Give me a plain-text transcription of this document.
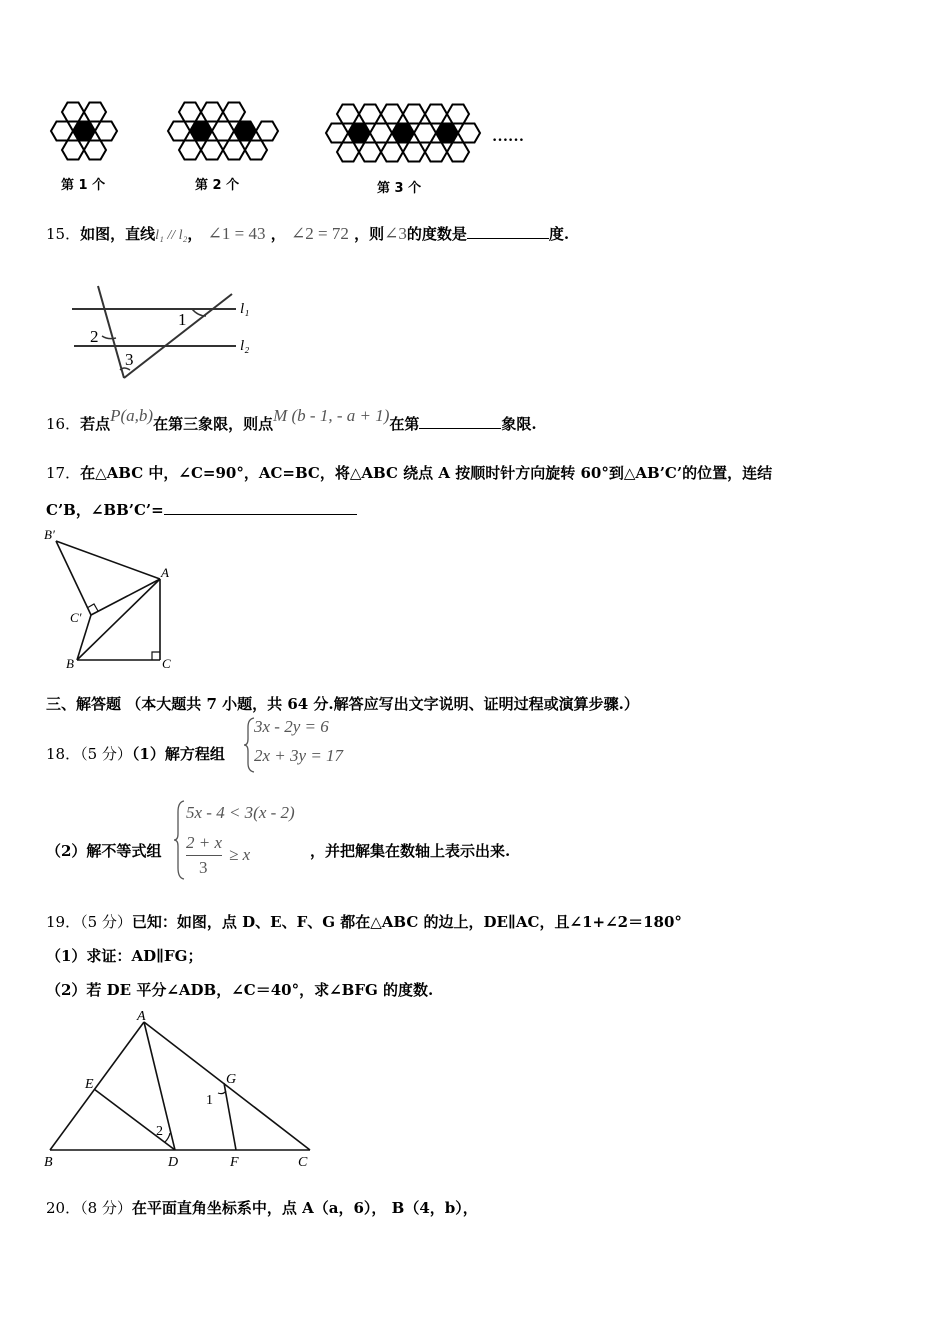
……
第 1 个	第 2 个	第 3 个
15．如图，直线l₁ // l₂， ∠1 = 43 ， ∠2 = 72 ，则∠3的度数是	度.
l₁
l₂
1
2
3
16．若点P(a,b)在第三象限，则点M (b - 1, - a + 1)在第	象限.
17．在△ABC 中，∠C=90°，AC=BC，将△ABC 绕点 A 按顺时针方向旋转 60°到△AB’C’的位置，连结
C’B，∠BB’C’=
B′
A
C′
B	C
三、解答题 （本大题共 7 小题，共 64 分.解答应写出文字说明、证明过程或演算步骤.）
18．（5 分）（1）解方程组
3x - 2y = 6
2x + 3y = 17
5x - 4 < 3(x - 2)
2 + x
3
≥ x
（2）解不等式组	，并把解集在数轴上表示出来.
19．（5 分）已知：如图，点 D、E、F、G 都在△ABC 的边上，DE∥AC，且∠1+∠2＝180°
（1）求证：AD∥FG；
（2）若 DE 平分∠ADB，∠C＝40°，求∠BFG 的度数.
A
E	G
1
2
B	D	F	C
20．（8 分）在平面直角坐标系中，点 A（a，6）， B（4，b），
